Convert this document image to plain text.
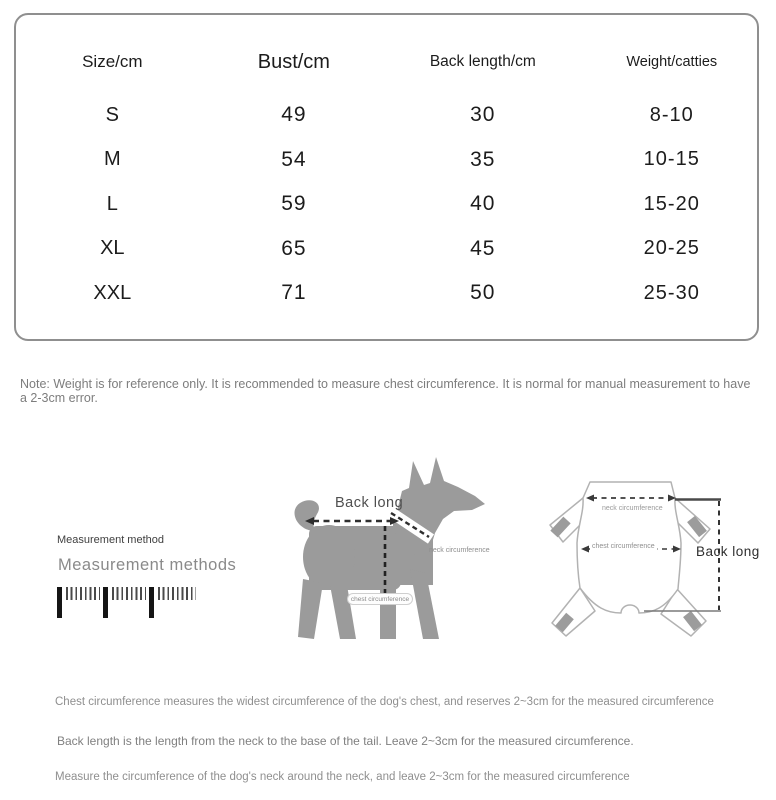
Size/cm	Bust/cm	Back length/cm	Weight/catties
S	49	30	8-10
M	54	35	10-15
L	59	40	15-20
XL	65	45	20-25
XXL	71	50	25-30
Note: Weight is for reference only. It is recommended to measure chest circumference. It is normal for manual measurement to have a 2-3cm error.
Measurement method
Measurement methods
Back long
neck circumference
chest circumference
neck circumference
chest circumference	Back long
Chest circumference measures the widest circumference of the dog's chest, and reserves 2~3cm for the measured circumference
Back length is the length from the neck to the base of the tail. Leave 2~3cm for the measured circumference.
Measure the circumference of the dog's neck around the neck, and leave 2~3cm for the measured circumference
